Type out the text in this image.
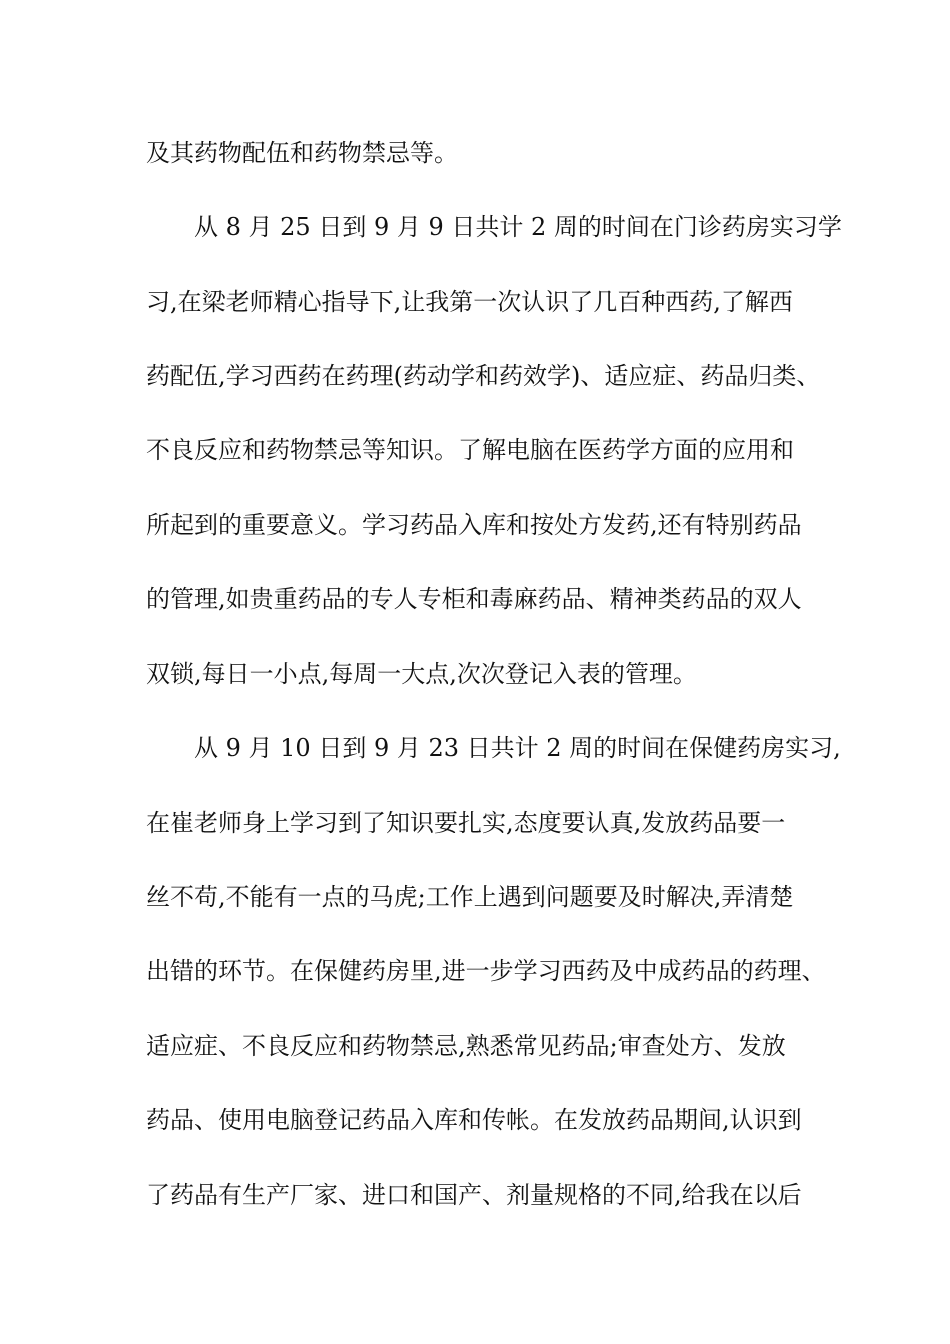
及其药物配伍和药物禁忌等。
从 8 月 25 日到 9 月 9 日共计 2 周的时间在门诊药房实习学
习,在梁老师精心指导下,让我第一次认识了几百种西药,了解西
药配伍,学习西药在药理(药动学和药效学)、适应症、药品归类、
不良反应和药物禁忌等知识。了解电脑在医药学方面的应用和
所起到的重要意义。学习药品入库和按处方发药,还有特别药品
的管理,如贵重药品的专人专柜和毒麻药品、精神类药品的双人
双锁,每日一小点,每周一大点,次次登记入表的管理。
从 9 月 10 日到 9 月 23 日共计 2 周的时间在保健药房实习,
在崔老师身上学习到了知识要扎实,态度要认真,发放药品要一
丝不苟,不能有一点的马虎;工作上遇到问题要及时解决,弄清楚
出错的环节。在保健药房里,进一步学习西药及中成药品的药理、
适应症、不良反应和药物禁忌,熟悉常见药品;审查处方、发放
药品、使用电脑登记药品入库和传帐。在发放药品期间,认识到
了药品有生产厂家、进口和国产、剂量规格的不同,给我在以后
